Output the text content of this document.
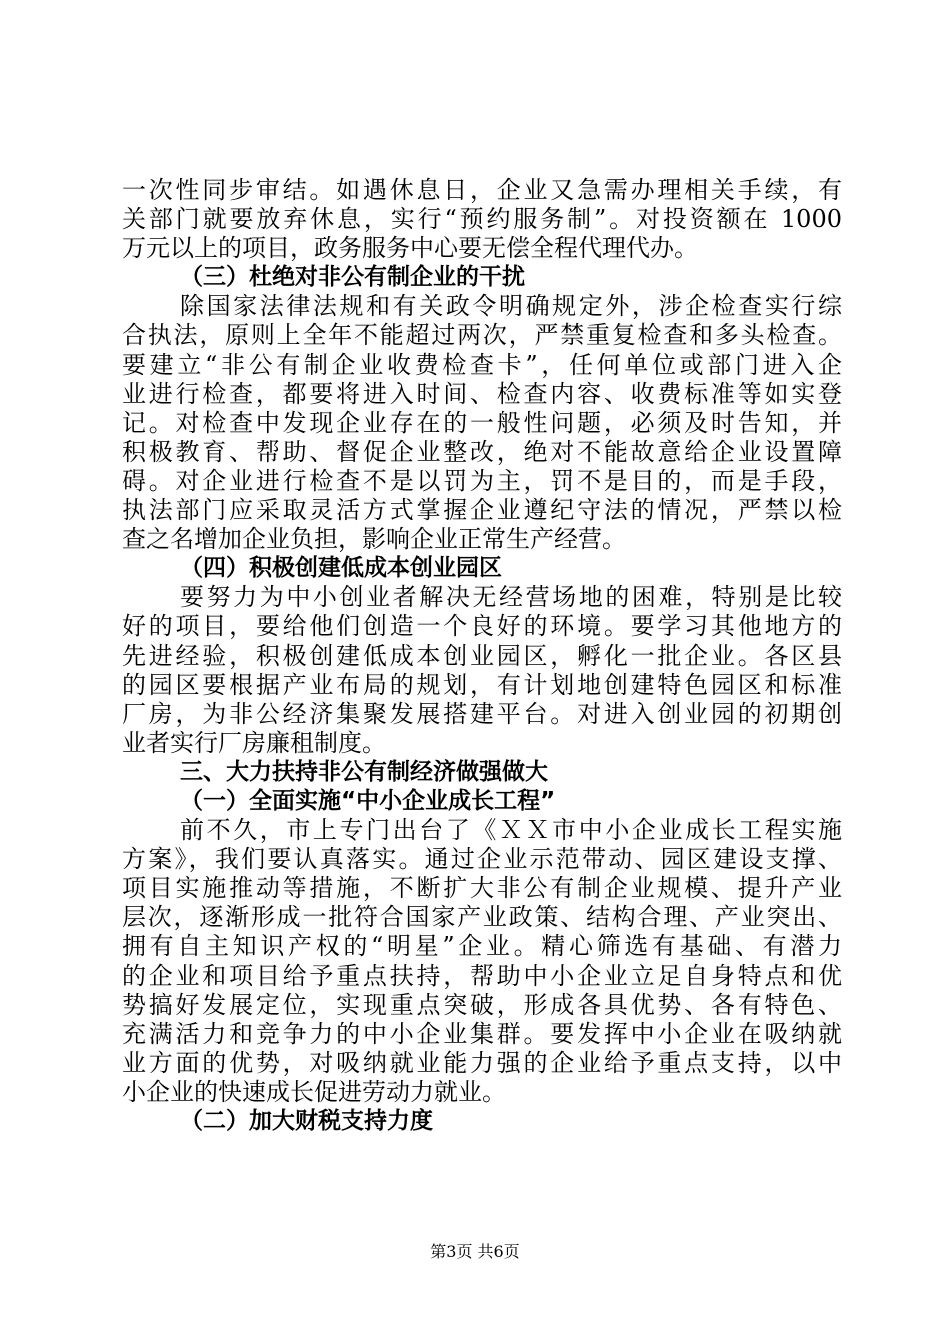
一次性同步审结。如遇休息日，企业又急需办理相关手续，有
关部门就要放弃休息，实行“预约服务制”。对投资额在 1000
万元以上的项目，政务服务中心要无偿全程代理代办。
（三）杜绝对非公有制企业的干扰
除国家法律法规和有关政令明确规定外，涉企检查实行综
合执法，原则上全年不能超过两次，严禁重复检查和多头检查。
要建立“非公有制企业收费检查卡”，任何单位或部门进入企
业进行检查，都要将进入时间、检查内容、收费标准等如实登
记。对检查中发现企业存在的一般性问题，必须及时告知，并
积极教育、帮助、督促企业整改，绝对不能故意给企业设置障
碍。对企业进行检查不是以罚为主，罚不是目的，而是手段，
执法部门应采取灵活方式掌握企业遵纪守法的情况，严禁以检
查之名增加企业负担，影响企业正常生产经营。
（四）积极创建低成本创业园区
要努力为中小创业者解决无经营场地的困难，特别是比较
好的项目，要给他们创造一个良好的环境。要学习其他地方的
先进经验，积极创建低成本创业园区，孵化一批企业。各区县
的园区要根据产业布局的规划，有计划地创建特色园区和标准
厂房，为非公经济集聚发展搭建平台。对进入创业园的初期创
业者实行厂房廉租制度。
三、大力扶持非公有制经济做强做大
（一）全面实施“中小企业成长工程”
前不久，市上专门出台了《ＸＸ市中小企业成长工程实施
方案》，我们要认真落实。通过企业示范带动、园区建设支撑、
项目实施推动等措施，不断扩大非公有制企业规模、提升产业
层次，逐渐形成一批符合国家产业政策、结构合理、产业突出、
拥有自主知识产权的“明星”企业。精心筛选有基础、有潜力
的企业和项目给予重点扶持，帮助中小企业立足自身特点和优
势搞好发展定位，实现重点突破，形成各具优势、各有特色、
充满活力和竞争力的中小企业集群。要发挥中小企业在吸纳就
业方面的优势，对吸纳就业能力强的企业给予重点支持，以中
小企业的快速成长促进劳动力就业。
（二）加大财税支持力度
第3页 共6页
